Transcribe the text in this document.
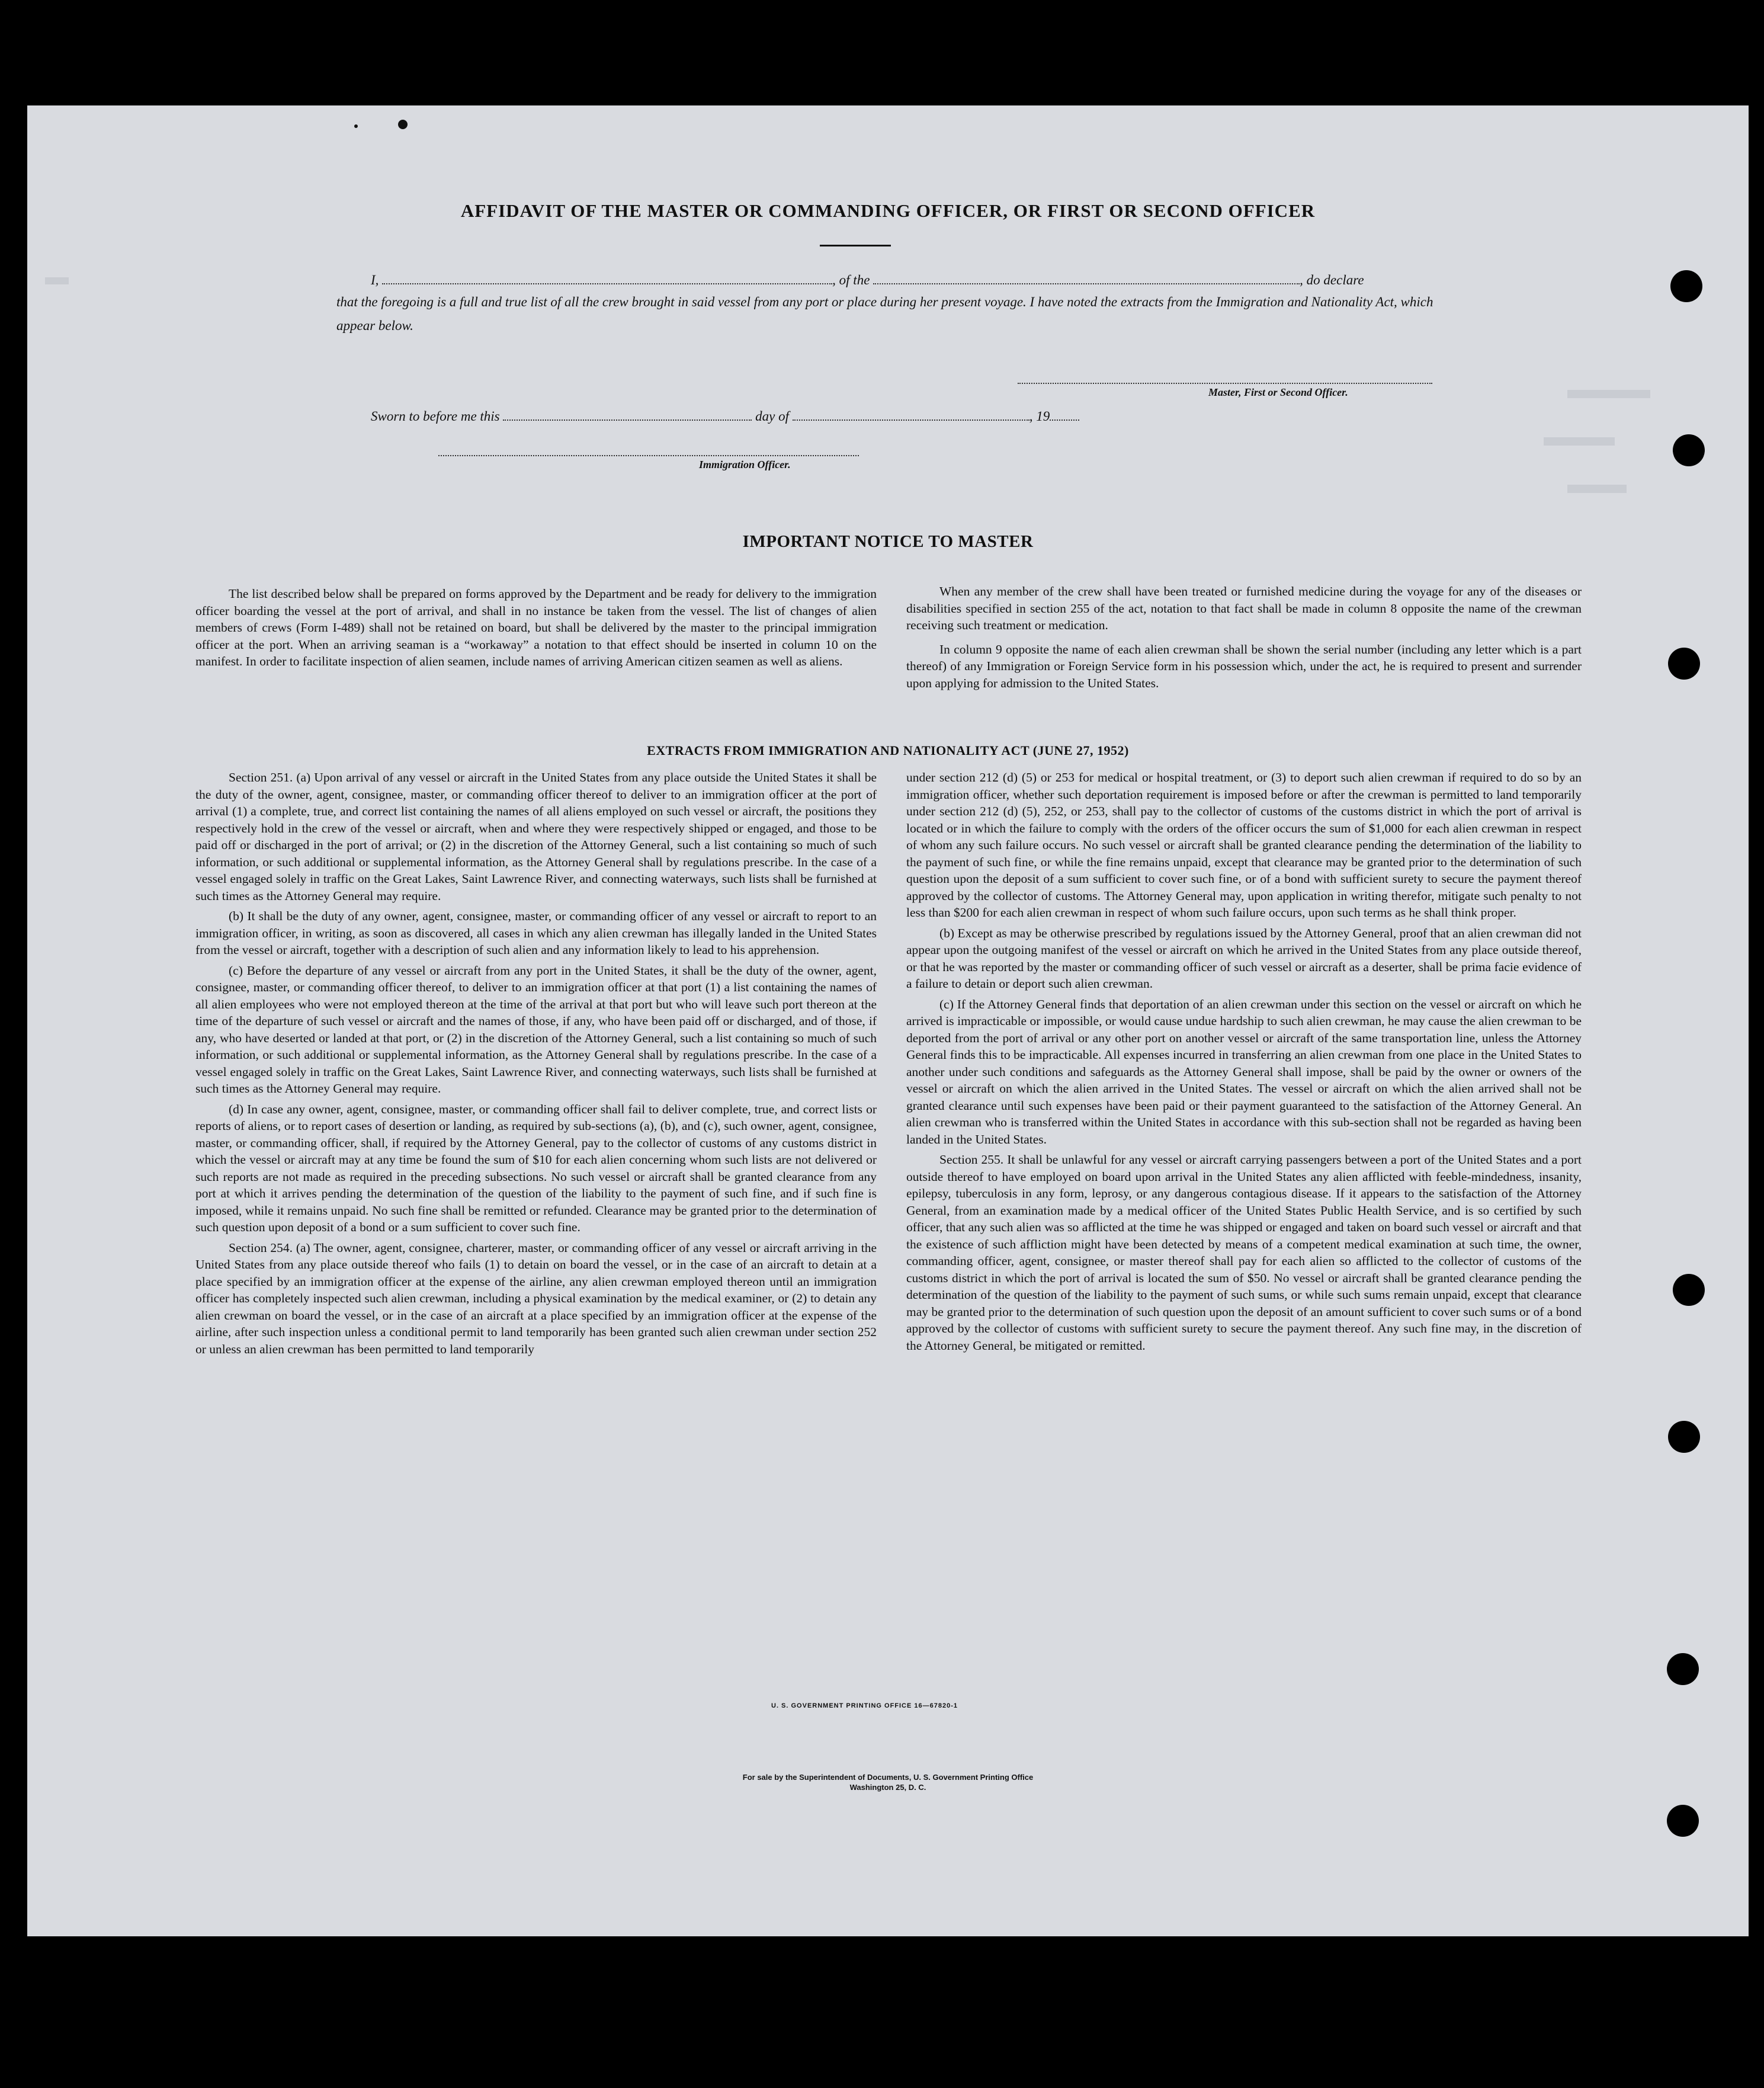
AFFIDAVIT OF THE MASTER OR COMMANDING OFFICER, OR FIRST OR SECOND OFFICER
I,	, of the	, do declare
that the foregoing is a full and true list of all the crew brought in said vessel from any port or place during her present voyage. I have noted the extracts from the Immigration and Nationality Act, which appear below.
Master, First or Second Officer.
Sworn to before me this	day of	, 19
Immigration Officer.
IMPORTANT NOTICE TO MASTER

The list described below shall be prepared on forms approved by the Department and be ready for delivery to the immigration officer boarding the vessel at the port of arrival, and shall in no instance be taken from the vessel. The list of changes of alien members of crews (Form I-489) shall not be retained on board, but shall be delivered by the master to the principal immigration officer at the port. When an arriving seaman is a “workaway” a notation to that effect should be inserted in column 10 on the manifest. In order to facilitate inspection of alien seamen, include names of arriving American citizen seamen as well as aliens.

When any member of the crew shall have been treated or furnished medicine during the voyage for any of the diseases or disabilities specified in section 255 of the act, notation to that fact shall be made in column 8 opposite the name of the crewman receiving such treatment or medication.

In column 9 opposite the name of each alien crewman shall be shown the serial number (including any letter which is a part thereof) of any Immigration or Foreign Service form in his possession which, under the act, he is required to present and surrender upon applying for admission to the United States.

EXTRACTS FROM IMMIGRATION AND NATIONALITY ACT (JUNE 27, 1952)

Section 251. (a) Upon arrival of any vessel or aircraft in the United States from any place outside the United States it shall be the duty of the owner, agent, consignee, master, or commanding officer thereof to deliver to an immigration officer at the port of arrival (1) a complete, true, and correct list containing the names of all aliens employed on such vessel or aircraft, the positions they respectively hold in the crew of the vessel or aircraft, when and where they were respectively shipped or engaged, and those to be paid off or discharged in the port of arrival; or (2) in the discretion of the Attorney General, such a list containing so much of such information, or such additional or supplemental information, as the Attorney General shall by regulations prescribe. In the case of a vessel engaged solely in traffic on the Great Lakes, Saint Lawrence River, and connecting waterways, such lists shall be furnished at such times as the Attorney General may require.

(b) It shall be the duty of any owner, agent, consignee, master, or commanding officer of any vessel or aircraft to report to an immigration officer, in writing, as soon as discovered, all cases in which any alien crewman has illegally landed in the United States from the vessel or aircraft, together with a description of such alien and any information likely to lead to his apprehension.

(c) Before the departure of any vessel or aircraft from any port in the United States, it shall be the duty of the owner, agent, consignee, master, or commanding officer thereof, to deliver to an immigration officer at that port (1) a list containing the names of all alien employees who were not employed thereon at the time of the arrival at that port but who will leave such port thereon at the time of the departure of such vessel or aircraft and the names of those, if any, who have been paid off or discharged, and of those, if any, who have deserted or landed at that port, or (2) in the discretion of the Attorney General, such a list containing so much of such information, or such additional or supplemental information, as the Attorney General shall by regulations prescribe. In the case of a vessel engaged solely in traffic on the Great Lakes, Saint Lawrence River, and connecting waterways, such lists shall be furnished at such times as the Attorney General may require.

(d) In case any owner, agent, consignee, master, or commanding officer shall fail to deliver complete, true, and correct lists or reports of aliens, or to report cases of desertion or landing, as required by sub-sections (a), (b), and (c), such owner, agent, consignee, master, or commanding officer, shall, if required by the Attorney General, pay to the collector of customs of any customs district in which the vessel or aircraft may at any time be found the sum of $10 for each alien concerning whom such lists are not delivered or such reports are not made as required in the preceding subsections. No such vessel or aircraft shall be granted clearance from any port at which it arrives pending the determination of the question of the liability to the payment of such fine, and if such fine is imposed, while it remains unpaid. No such fine shall be remitted or refunded. Clearance may be granted prior to the determination of such question upon deposit of a bond or a sum sufficient to cover such fine.

Section 254. (a) The owner, agent, consignee, charterer, master, or commanding officer of any vessel or aircraft arriving in the United States from any place outside thereof who fails (1) to detain on board the vessel, or in the case of an aircraft to detain at a place specified by an immigration officer at the expense of the airline, any alien crewman employed thereon until an immigration officer has completely inspected such alien crewman, including a physical examination by the medical examiner, or (2) to detain any alien crewman on board the vessel, or in the case of an aircraft at a place specified by an immigration officer at the expense of the airline, after such inspection unless a conditional permit to land temporarily has been granted such alien crewman under section 252 or unless an alien crewman has been permitted to land temporarily

under section 212 (d) (5) or 253 for medical or hospital treatment, or (3) to deport such alien crewman if required to do so by an immigration officer, whether such deportation requirement is imposed before or after the crewman is permitted to land temporarily under section 212 (d) (5), 252, or 253, shall pay to the collector of customs of the customs district in which the port of arrival is located or in which the failure to comply with the orders of the officer occurs the sum of $1,000 for each alien crewman in respect of whom any such failure occurs. No such vessel or aircraft shall be granted clearance pending the determination of the liability to the payment of such fine, or while the fine remains unpaid, except that clearance may be granted prior to the determination of such question upon the deposit of a sum sufficient to cover such fine, or of a bond with sufficient surety to secure the payment thereof approved by the collector of customs. The Attorney General may, upon application in writing therefor, mitigate such penalty to not less than $200 for each alien crewman in respect of whom such failure occurs, upon such terms as he shall think proper.

(b) Except as may be otherwise prescribed by regulations issued by the Attorney General, proof that an alien crewman did not appear upon the outgoing manifest of the vessel or aircraft on which he arrived in the United States from any place outside thereof, or that he was reported by the master or commanding officer of such vessel or aircraft as a deserter, shall be prima facie evidence of a failure to detain or deport such alien crewman.

(c) If the Attorney General finds that deportation of an alien crewman under this section on the vessel or aircraft on which he arrived is impracticable or impossible, or would cause undue hardship to such alien crewman, he may cause the alien crewman to be deported from the port of arrival or any other port on another vessel or aircraft of the same transportation line, unless the Attorney General finds this to be impracticable. All expenses incurred in transferring an alien crewman from one place in the United States to another under such conditions and safeguards as the Attorney General shall impose, shall be paid by the owner or owners of the vessel or aircraft on which the alien arrived in the United States. The vessel or aircraft on which the alien arrived shall not be granted clearance until such expenses have been paid or their payment guaranteed to the satisfaction of the Attorney General. An alien crewman who is transferred within the United States in accordance with this sub-section shall not be regarded as having been landed in the United States.

Section 255. It shall be unlawful for any vessel or aircraft carrying passengers between a port of the United States and a port outside thereof to have employed on board upon arrival in the United States any alien afflicted with feeble-mindedness, insanity, epilepsy, tuberculosis in any form, leprosy, or any dangerous contagious disease. If it appears to the satisfaction of the Attorney General, from an examination made by a medical officer of the United States Public Health Service, and is so certified by such officer, that any such alien was so afflicted at the time he was shipped or engaged and taken on board such vessel or aircraft and that the existence of such affliction might have been detected by means of a competent medical examination at such time, the owner, commanding officer, agent, consignee, or master thereof shall pay for each alien so afflicted to the collector of customs of the customs district in which the port of arrival is located the sum of $50. No vessel or aircraft shall be granted clearance pending the determination of the question of the liability to the payment of such sums, or while such sums remain unpaid, except that clearance may be granted prior to the determination of such question upon the deposit of an amount sufficient to cover such sums or of a bond approved by the collector of customs with sufficient surety to secure the payment thereof. Any such fine may, in the discretion of the Attorney General, be mitigated or remitted.

U. S. GOVERNMENT PRINTING OFFICE 16—67820-1
For sale by the Superintendent of Documents, U. S. Government Printing Office
Washington 25, D. C.
